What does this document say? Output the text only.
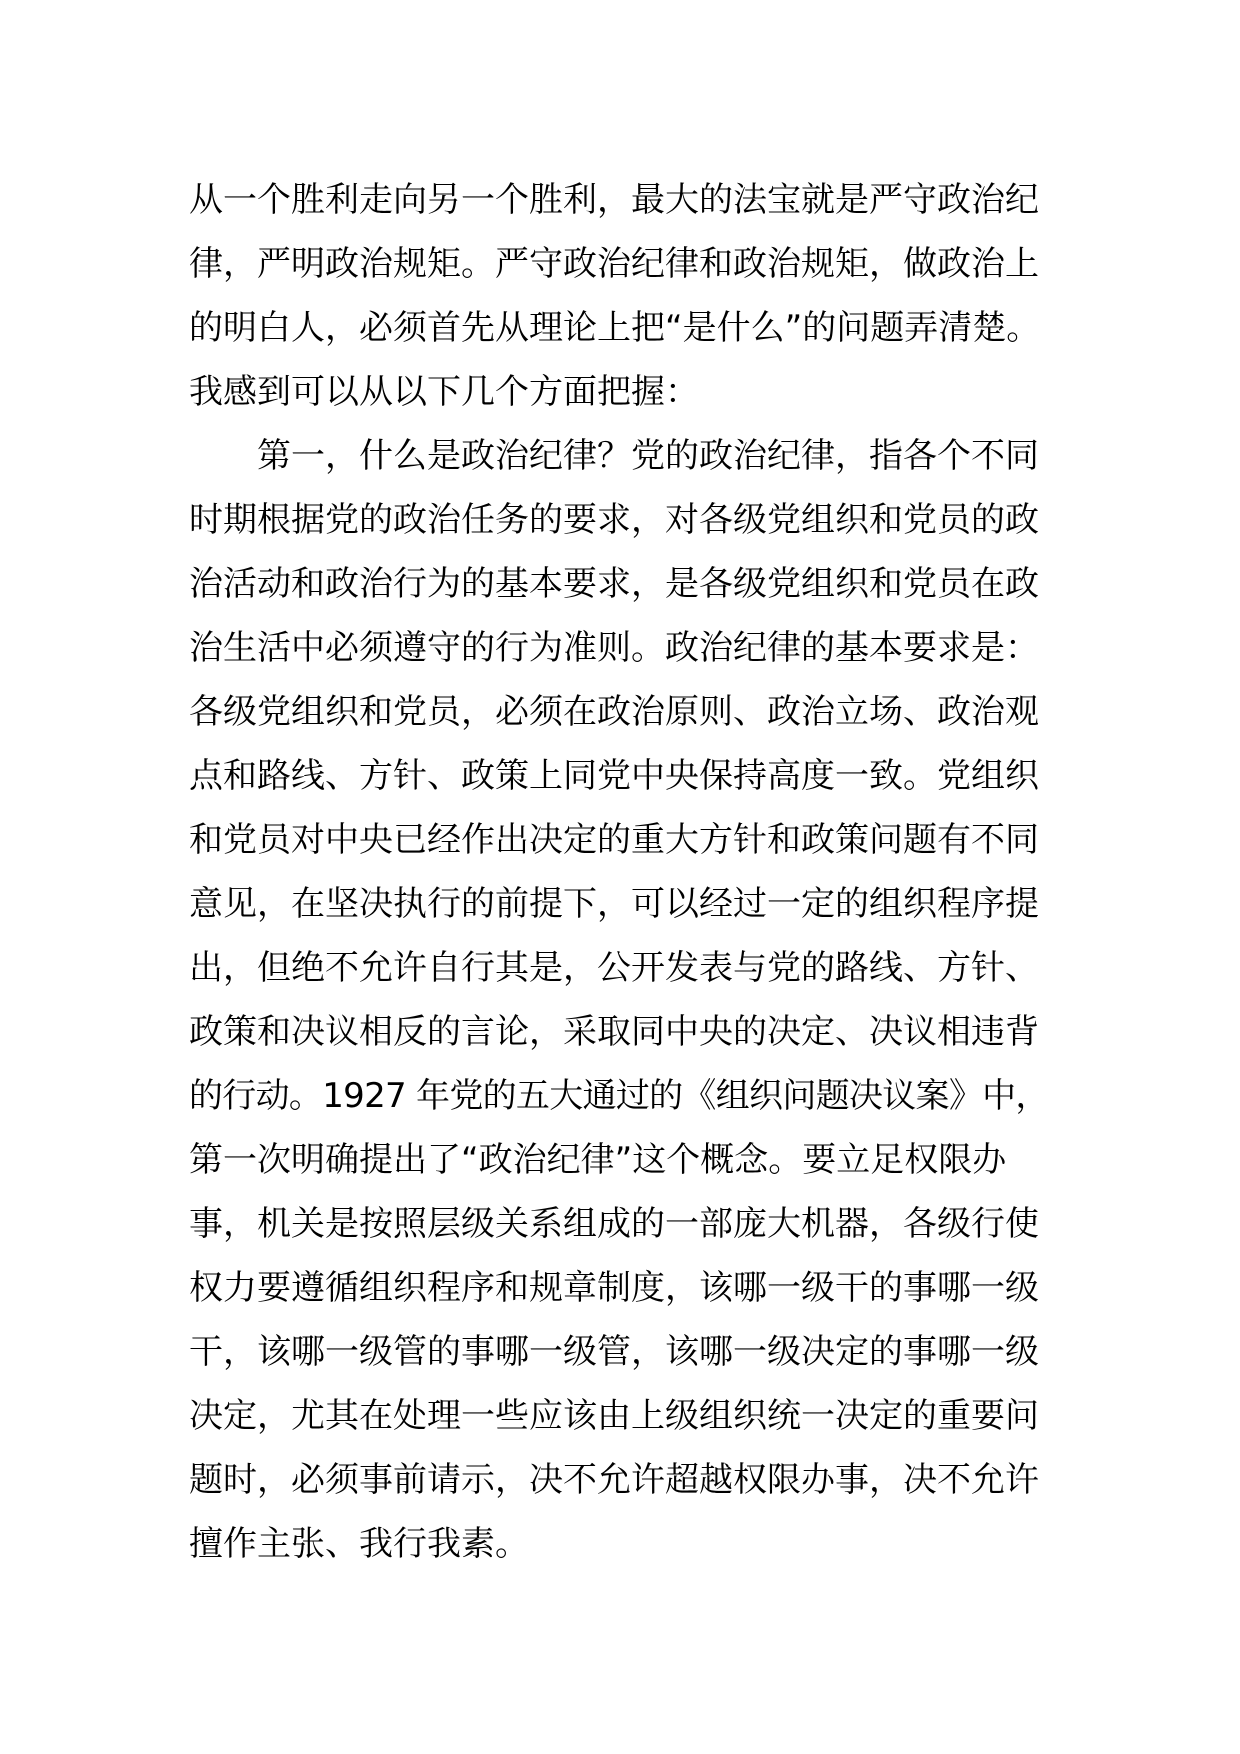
从一个胜利走向另一个胜利，最大的法宝就是严守政治纪
律，严明政治规矩。严守政治纪律和政治规矩，做政治上
的明白人，必须首先从理论上把“是什么”的问题弄清楚。
我感到可以从以下几个方面把握：
　　第一，什么是政治纪律？党的政治纪律，指各个不同
时期根据党的政治任务的要求，对各级党组织和党员的政
治活动和政治行为的基本要求，是各级党组织和党员在政
治生活中必须遵守的行为准则。政治纪律的基本要求是：
各级党组织和党员，必须在政治原则、政治立场、政治观
点和路线、方针、政策上同党中央保持高度一致。党组织
和党员对中央已经作出决定的重大方针和政策问题有不同
意见，在坚决执行的前提下，可以经过一定的组织程序提
出，但绝不允许自行其是，公开发表与党的路线、方针、
政策和决议相反的言论，采取同中央的决定、决议相违背
的行动。1927 年党的五大通过的《组织问题决议案》中，
第一次明确提出了“政治纪律”这个概念。要立足权限办
事，机关是按照层级关系组成的一部庞大机器，各级行使
权力要遵循组织程序和规章制度，该哪一级干的事哪一级
干，该哪一级管的事哪一级管，该哪一级决定的事哪一级
决定，尤其在处理一些应该由上级组织统一决定的重要问
题时，必须事前请示，决不允许超越权限办事，决不允许
擅作主张、我行我素。
